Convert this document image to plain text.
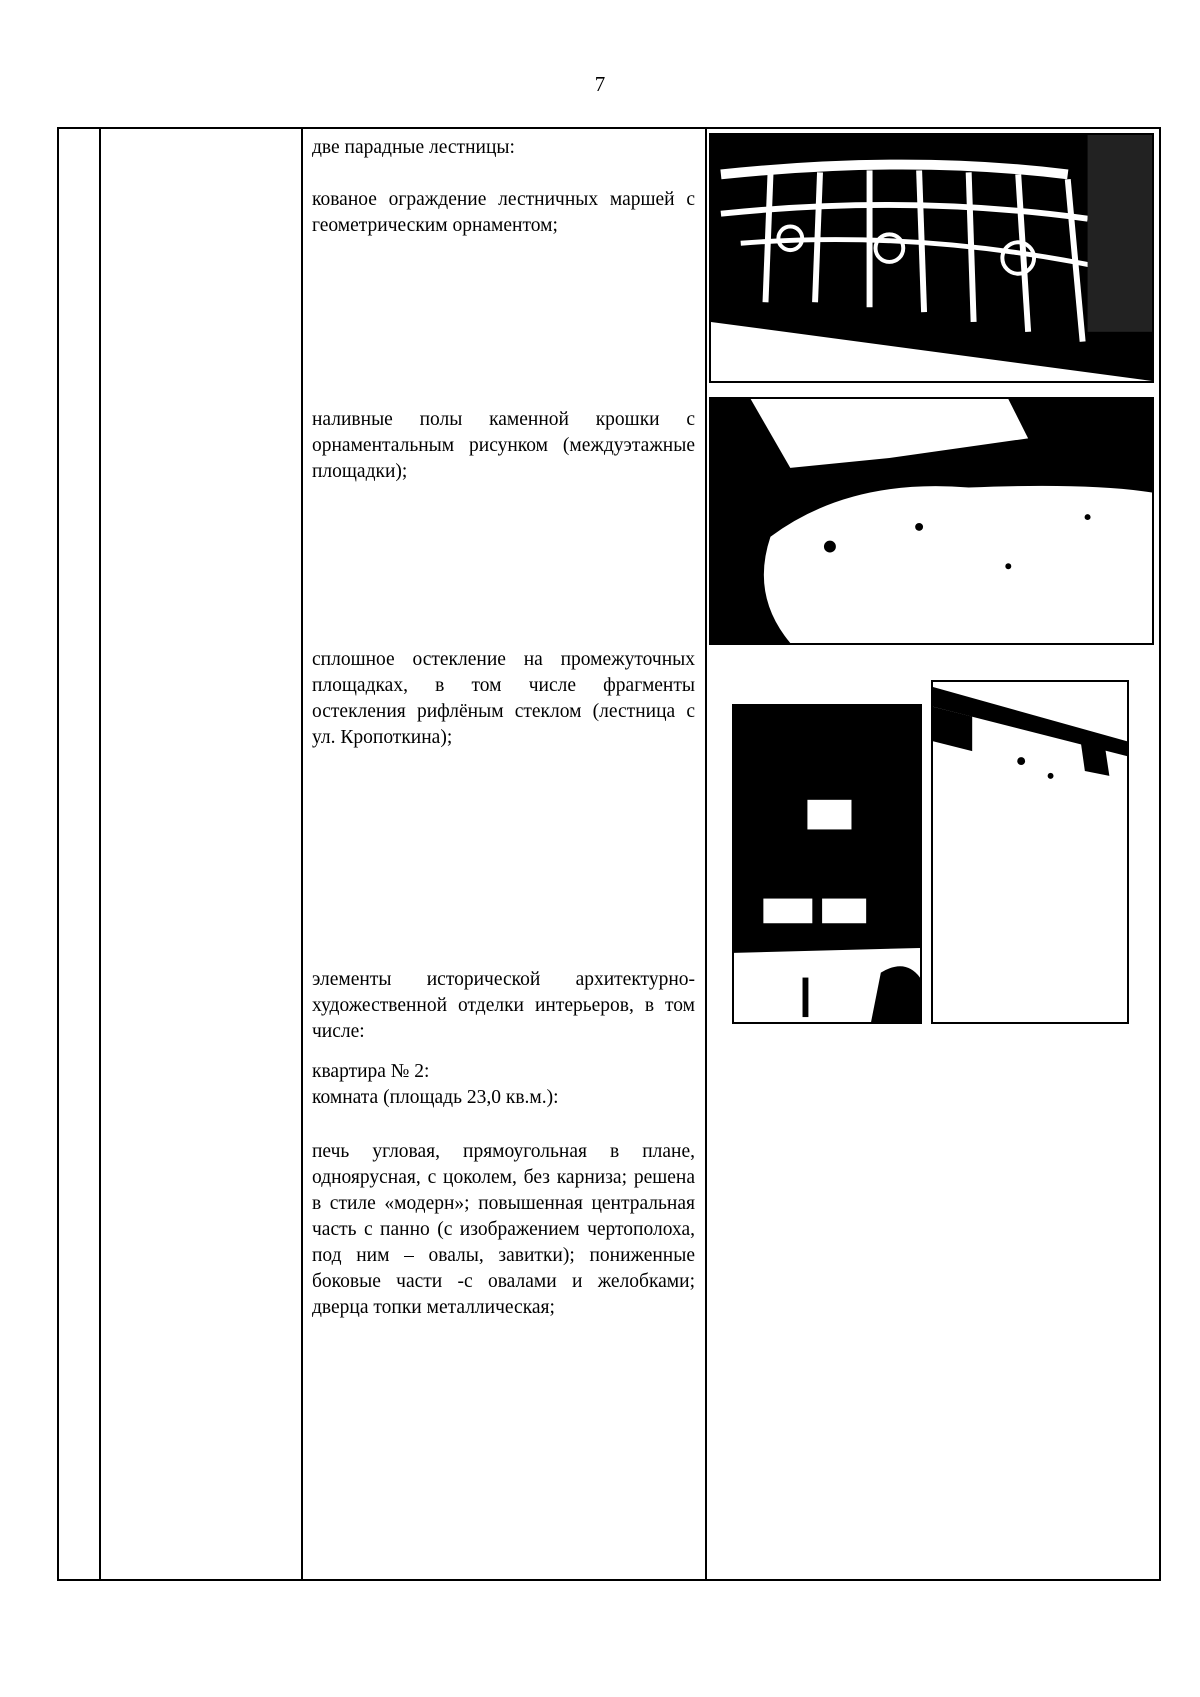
7
две парадные лестницы:
кованое ограждение лестничных маршей с геометрическим орнаментом;
наливные полы каменной крошки с орнаментальным рисунком (междуэтажные площадки);
сплошное остекление на промежуточных площадках, в том числе фрагменты остекления рифлёным стеклом (лестница с ул. Кропоткина);
элементы исторической архитектурно-художественной отделки интерьеров, в том числе:
квартира № 2:
комната (площадь 23,0 кв.м.):
печь угловая, прямоугольная в плане, одноярусная, с цоколем, без карниза; решена в стиле «модерн»; повышенная центральная часть с панно (с изображением чертополоха, под ним – овалы, завитки); пониженные боковые части -с овалами и желобками; дверца топки металлическая;
